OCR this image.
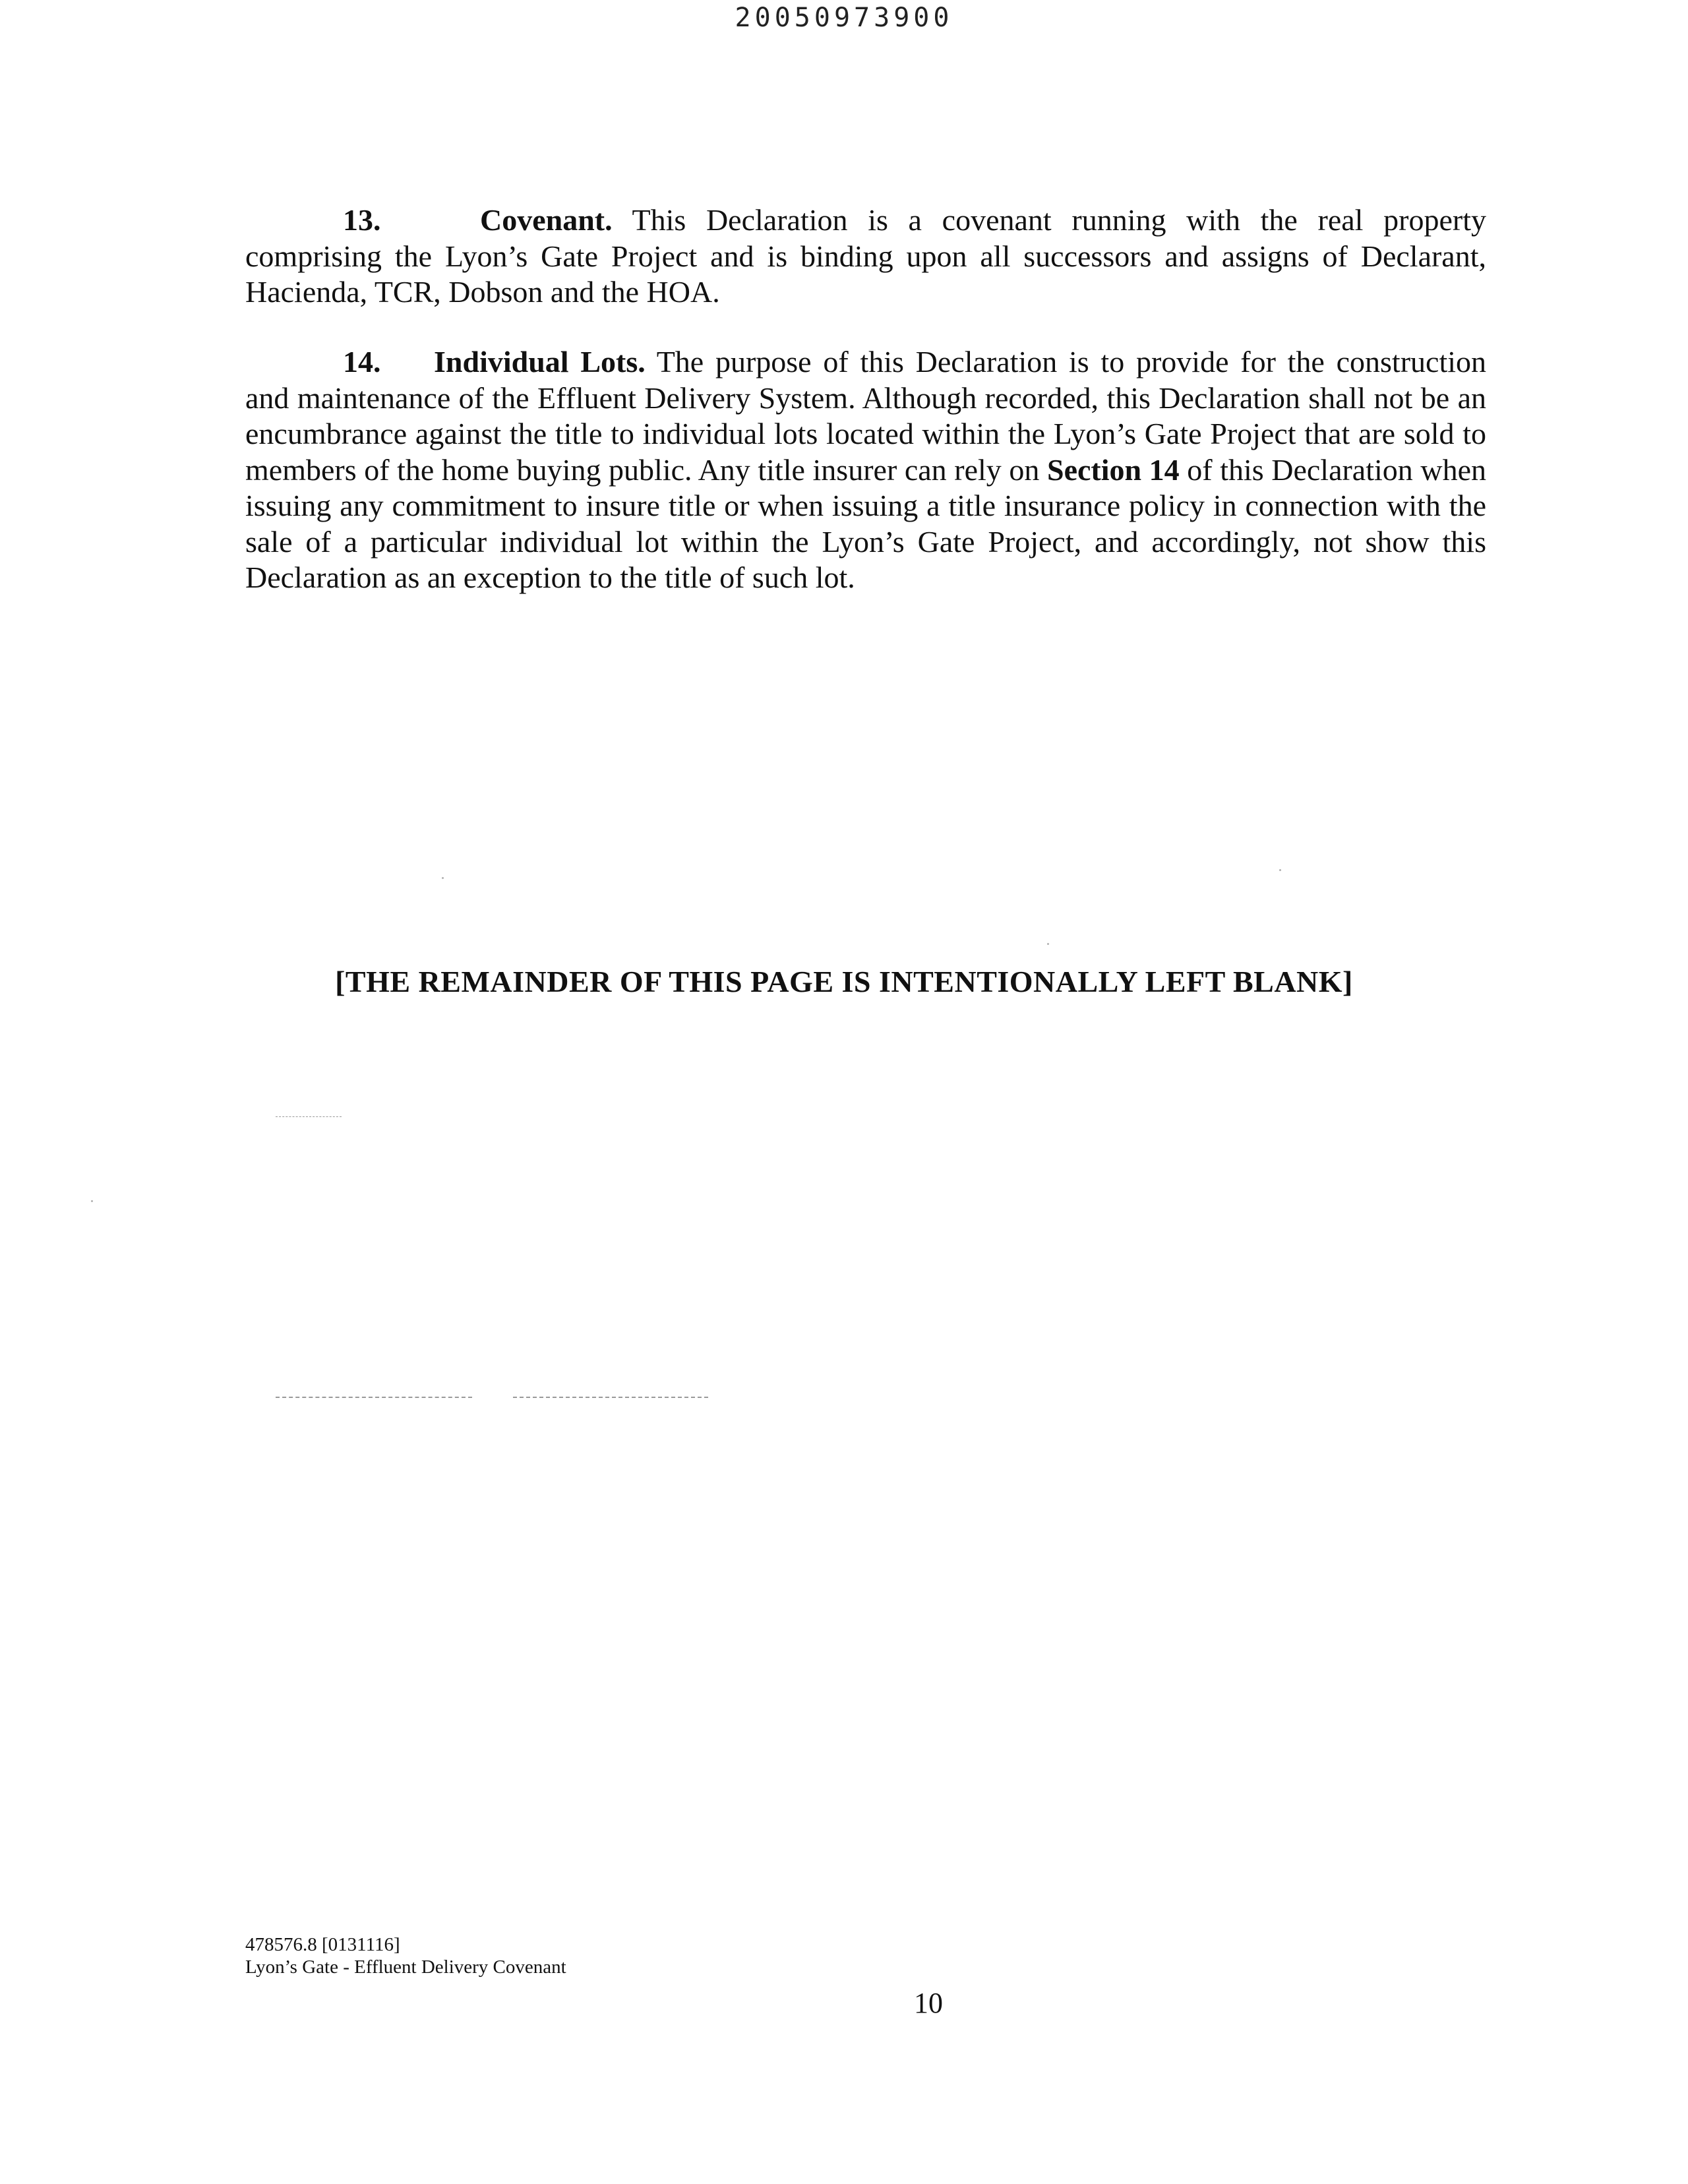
20050973900
13.	Covenant. This Declaration is a covenant running with the real property comprising the Lyon’s Gate Project and is binding upon all successors and assigns of Declarant, Hacienda, TCR, Dobson and the HOA.
14. Individual Lots. The purpose of this Declaration is to provide for the construction and maintenance of the Effluent Delivery System. Although recorded, this Declaration shall not be an encumbrance against the title to individual lots located within the Lyon’s Gate Project that are sold to members of the home buying public. Any title insurer can rely on Section 14 of this Declaration when issuing any commitment to insure title or when issuing a title insurance policy in connection with the sale of a particular individual lot within the Lyon’s Gate Project, and accordingly, not show this Declaration as an exception to the title of such lot.
[THE REMAINDER OF THIS PAGE IS INTENTIONALLY LEFT BLANK]
478576.8 [0131116]
Lyon’s Gate - Effluent Delivery Covenant
10
